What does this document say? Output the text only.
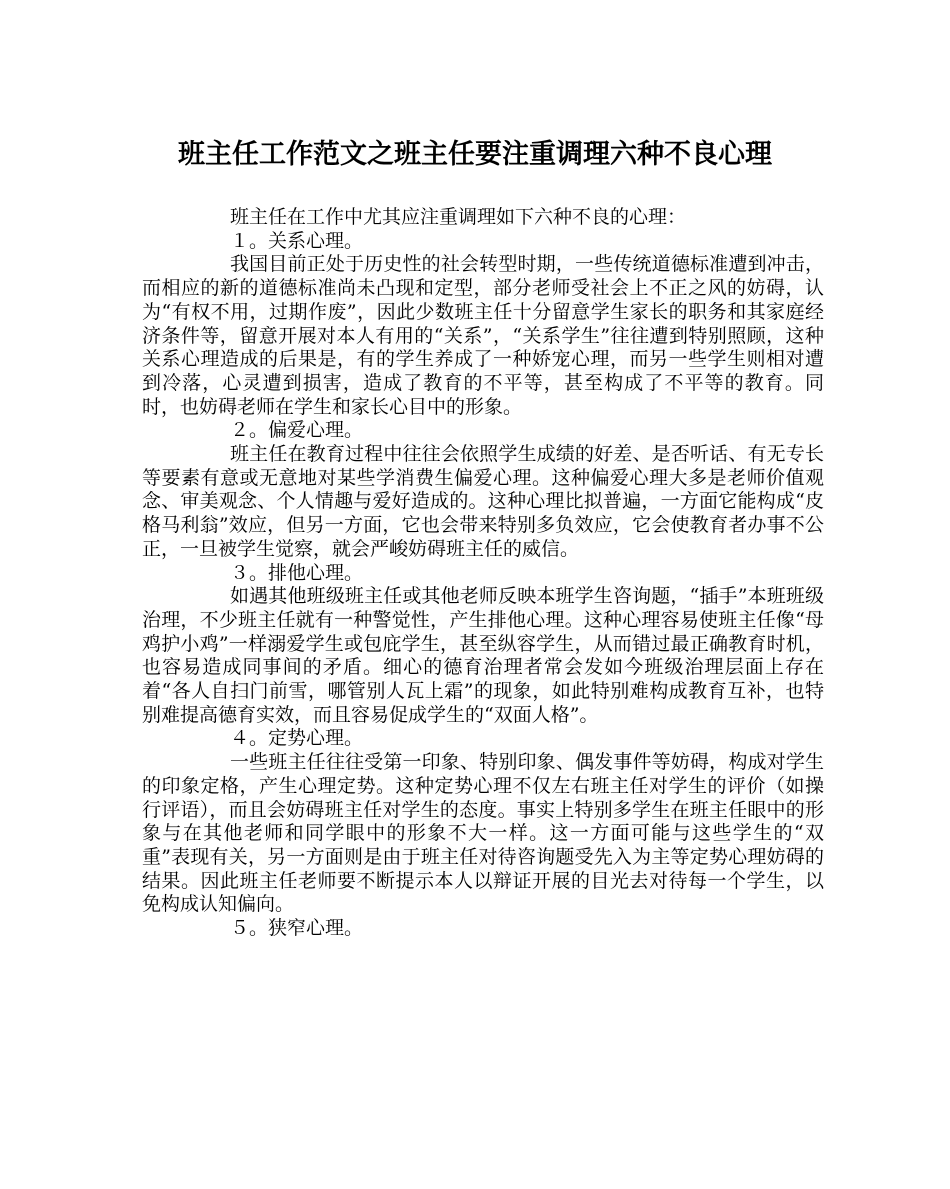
班主任工作范文之班主任要注重调理六种不良心理

班主任在工作中尤其应注重调理如下六种不良的心理：

１。关系心理。

我国目前正处于历史性的社会转型时期，一些传统道德标准遭到冲击，而相应的新的道德标准尚未凸现和定型，部分老师受社会上不正之风的妨碍，认为“有权不用，过期作废”，因此少数班主任十分留意学生家长的职务和其家庭经济条件等，留意开展对本人有用的“关系”，“关系学生”往往遭到特别照顾，这种关系心理造成的后果是，有的学生养成了一种娇宠心理，而另一些学生则相对遭到冷落，心灵遭到损害，造成了教育的不平等，甚至构成了不平等的教育。同时，也妨碍老师在学生和家长心目中的形象。

２。偏爱心理。

班主任在教育过程中往往会依照学生成绩的好差、是否听话、有无专长等要素有意或无意地对某些学消费生偏爱心理。这种偏爱心理大多是老师价值观念、审美观念、个人情趣与爱好造成的。这种心理比拟普遍，一方面它能构成“皮格马利翁”效应，但另一方面，它也会带来特别多负效应，它会使教育者办事不公正，一旦被学生觉察，就会严峻妨碍班主任的威信。

３。排他心理。

如遇其他班级班主任或其他老师反映本班学生咨询题，“插手”本班班级治理，不少班主任就有一种警觉性，产生排他心理。这种心理容易使班主任像“母鸡护小鸡”一样溺爱学生或包庇学生，甚至纵容学生，从而错过最正确教育时机，也容易造成同事间的矛盾。细心的德育治理者常会发如今班级治理层面上存在着“各人自扫门前雪，哪管别人瓦上霜”的现象，如此特别难构成教育互补，也特别难提高德育实效，而且容易促成学生的“双面人格”。

４。定势心理。

一些班主任往往受第一印象、特别印象、偶发事件等妨碍，构成对学生的印象定格，产生心理定势。这种定势心理不仅左右班主任对学生的评价（如操行评语），而且会妨碍班主任对学生的态度。事实上特别多学生在班主任眼中的形象与在其他老师和同学眼中的形象不大一样。这一方面可能与这些学生的“双重”表现有关，另一方面则是由于班主任对待咨询题受先入为主等定势心理妨碍的结果。因此班主任老师要不断提示本人以辩证开展的目光去对待每一个学生，以免构成认知偏向。

５。狭窄心理。
